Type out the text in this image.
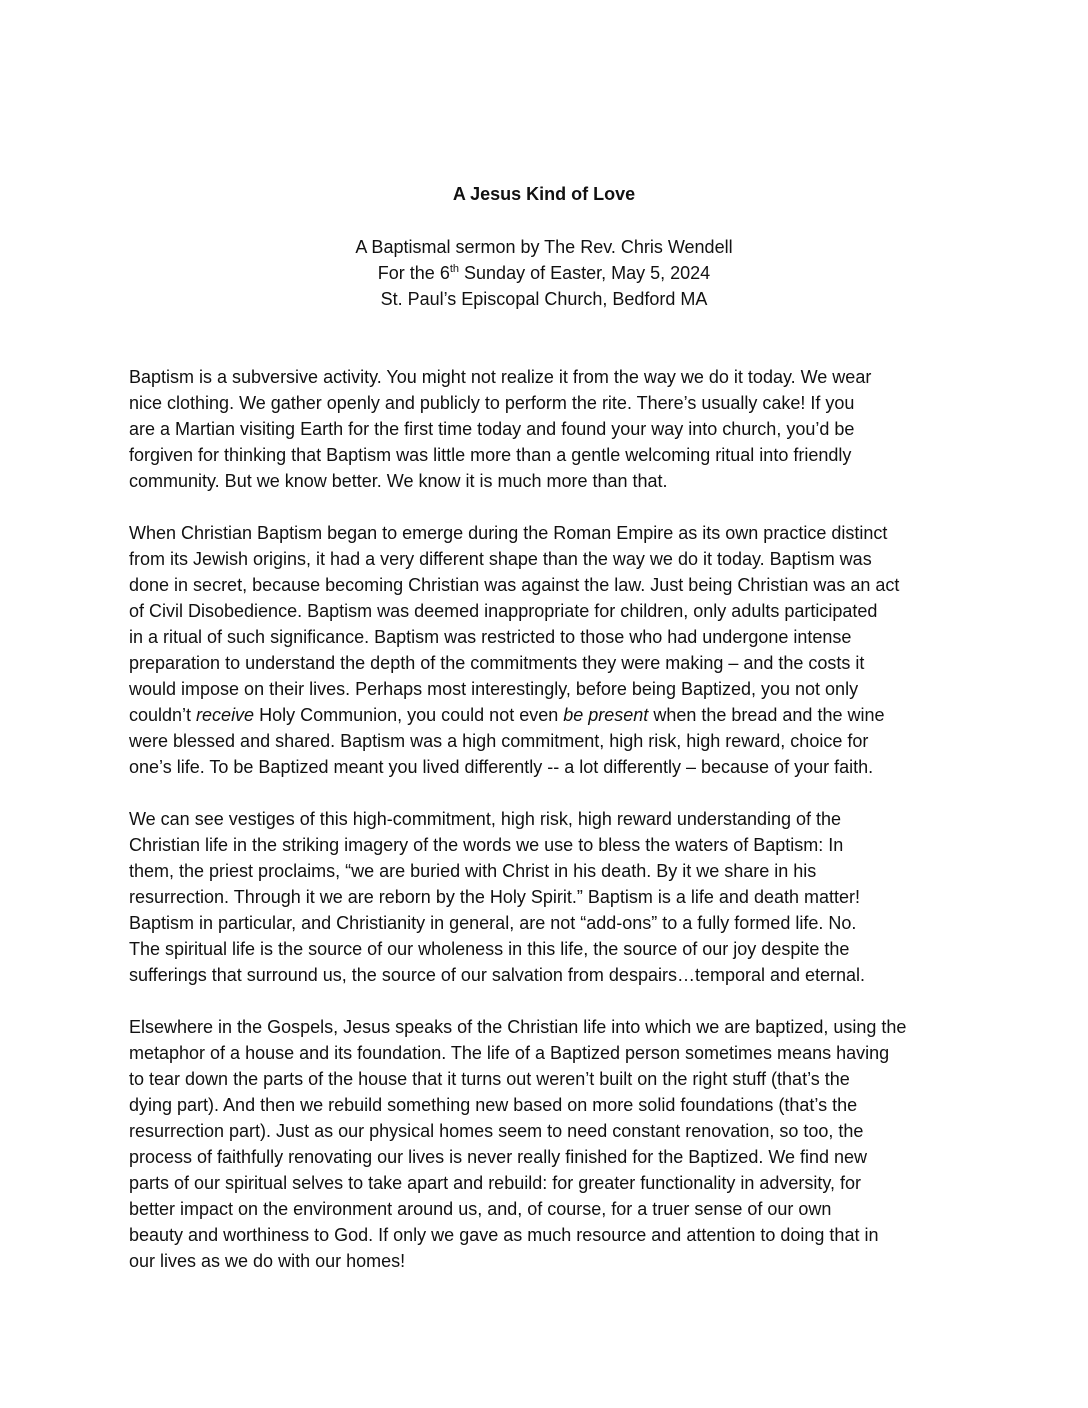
A Jesus Kind of Love
A Baptismal sermon by The Rev. Chris Wendell
For the 6th Sunday of Easter, May 5, 2024
St. Paul’s Episcopal Church, Bedford MA
Baptism is a subversive activity. You might not realize it from the way we do it today. We wear
nice clothing. We gather openly and publicly to perform the rite. There’s usually cake! If you
are a Martian visiting Earth for the first time today and found your way into church, you’d be
forgiven for thinking that Baptism was little more than a gentle welcoming ritual into friendly
community. But we know better. We know it is much more than that.
When Christian Baptism began to emerge during the Roman Empire as its own practice distinct
from its Jewish origins, it had a very different shape than the way we do it today. Baptism was
done in secret, because becoming Christian was against the law. Just being Christian was an act
of Civil Disobedience. Baptism was deemed inappropriate for children, only adults participated
in a ritual of such significance. Baptism was restricted to those who had undergone intense
preparation to understand the depth of the commitments they were making – and the costs it
would impose on their lives. Perhaps most interestingly, before being Baptized, you not only
couldn’t receive Holy Communion, you could not even be present when the bread and the wine
were blessed and shared. Baptism was a high commitment, high risk, high reward, choice for
one’s life. To be Baptized meant you lived differently -- a lot differently – because of your faith.
We can see vestiges of this high-commitment, high risk, high reward understanding of the
Christian life in the striking imagery of the words we use to bless the waters of Baptism: In
them, the priest proclaims, “we are buried with Christ in his death. By it we share in his
resurrection. Through it we are reborn by the Holy Spirit.” Baptism is a life and death matter!
Baptism in particular, and Christianity in general, are not “add-ons” to a fully formed life. No.
The spiritual life is the source of our wholeness in this life, the source of our joy despite the
sufferings that surround us, the source of our salvation from despairs…temporal and eternal.
Elsewhere in the Gospels, Jesus speaks of the Christian life into which we are baptized, using the
metaphor of a house and its foundation. The life of a Baptized person sometimes means having
to tear down the parts of the house that it turns out weren’t built on the right stuff (that’s the
dying part). And then we rebuild something new based on more solid foundations (that’s the
resurrection part). Just as our physical homes seem to need constant renovation, so too, the
process of faithfully renovating our lives is never really finished for the Baptized. We find new
parts of our spiritual selves to take apart and rebuild: for greater functionality in adversity, for
better impact on the environment around us, and, of course, for a truer sense of our own
beauty and worthiness to God. If only we gave as much resource and attention to doing that in
our lives as we do with our homes!
